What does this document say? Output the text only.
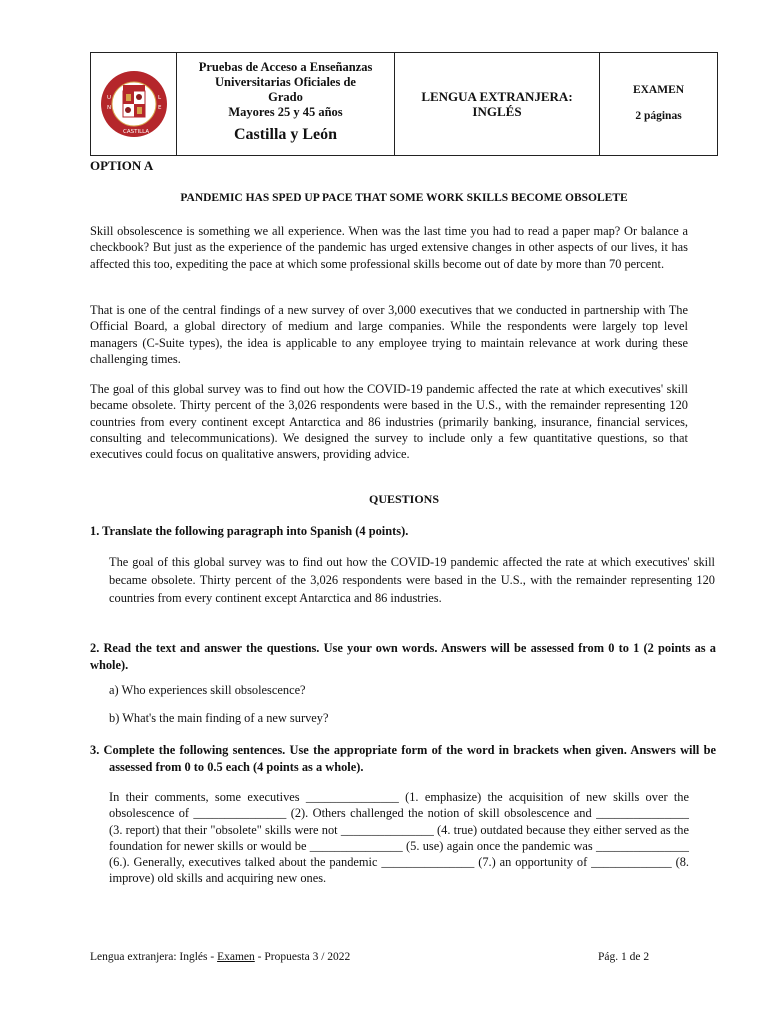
U
N
L
E
CASTILLA
Pruebas de Acceso a Enseñanzas
Universitarias Oficiales de
Grado
Mayores 25 y 45 años
Castilla y León
LENGUA EXTRANJERA:
INGLÉS
EXAMEN
2 páginas
OPTION A
PANDEMIC HAS SPED UP PACE THAT SOME WORK SKILLS BECOME OBSOLETE

Skill obsolescence is something we all experience. When was the last time you had to read a paper map? Or balance a checkbook? But just as the experience of the pandemic has urged extensive changes in other aspects of our lives, it has affected this too, expediting the pace at which some professional skills become out of date by more than 70 percent.

That is one of the central findings of a new survey of over 3,000 executives that we conducted in partnership with The Official Board, a global directory of medium and large companies. While the respondents were largely top level managers (C-Suite types), the idea is applicable to any employee trying to maintain relevance at work during these challenging times.

The goal of this global survey was to find out how the COVID-19 pandemic affected the rate at which executives' skill became obsolete. Thirty percent of the 3,026 respondents were based in the U.S., with the remainder representing 120 countries from every continent except Antarctica and 86 industries (primarily banking, insurance, financial services, consulting and telecommunications). We designed the survey to include only a few quantitative questions, so that executives could focus on qualitative answers, providing advice.

QUESTIONS

1. Translate the following paragraph into Spanish (4 points).

The goal of this global survey was to find out how the COVID-19 pandemic affected the rate at which executives' skill became obsolete. Thirty percent of the 3,026 respondents were based in the U.S., with the remainder representing 120 countries from every continent except Antarctica and 86 industries.

2. Read the text and answer the questions. Use your own words. Answers will be assessed from 0 to 1 (2 points as a whole).

a) Who experiences skill obsolescence?

b) What's the main finding of a new survey?

3. Complete the following sentences. Use the appropriate form of the word in brackets when given. Answers will be assessed from 0 to 0.5 each (4 points as a whole).

In their comments, some executives _______________ (1. emphasize) the acquisition of new skills over the obsolescence of _______________ (2). Others challenged the notion of skill obsolescence and _______________ (3. report) that their "obsolete" skills were not _______________ (4. true) outdated because they either served as the foundation for newer skills or would be _______________ (5. use) again once the pandemic was _______________ (6.). Generally, executives talked about the pandemic _______________ (7.) an opportunity of _____________ (8. improve) old skills and acquiring new ones.

Lengua extranjera: Inglés - Examen - Propuesta 3 / 2022	Pág. 1 de 2
